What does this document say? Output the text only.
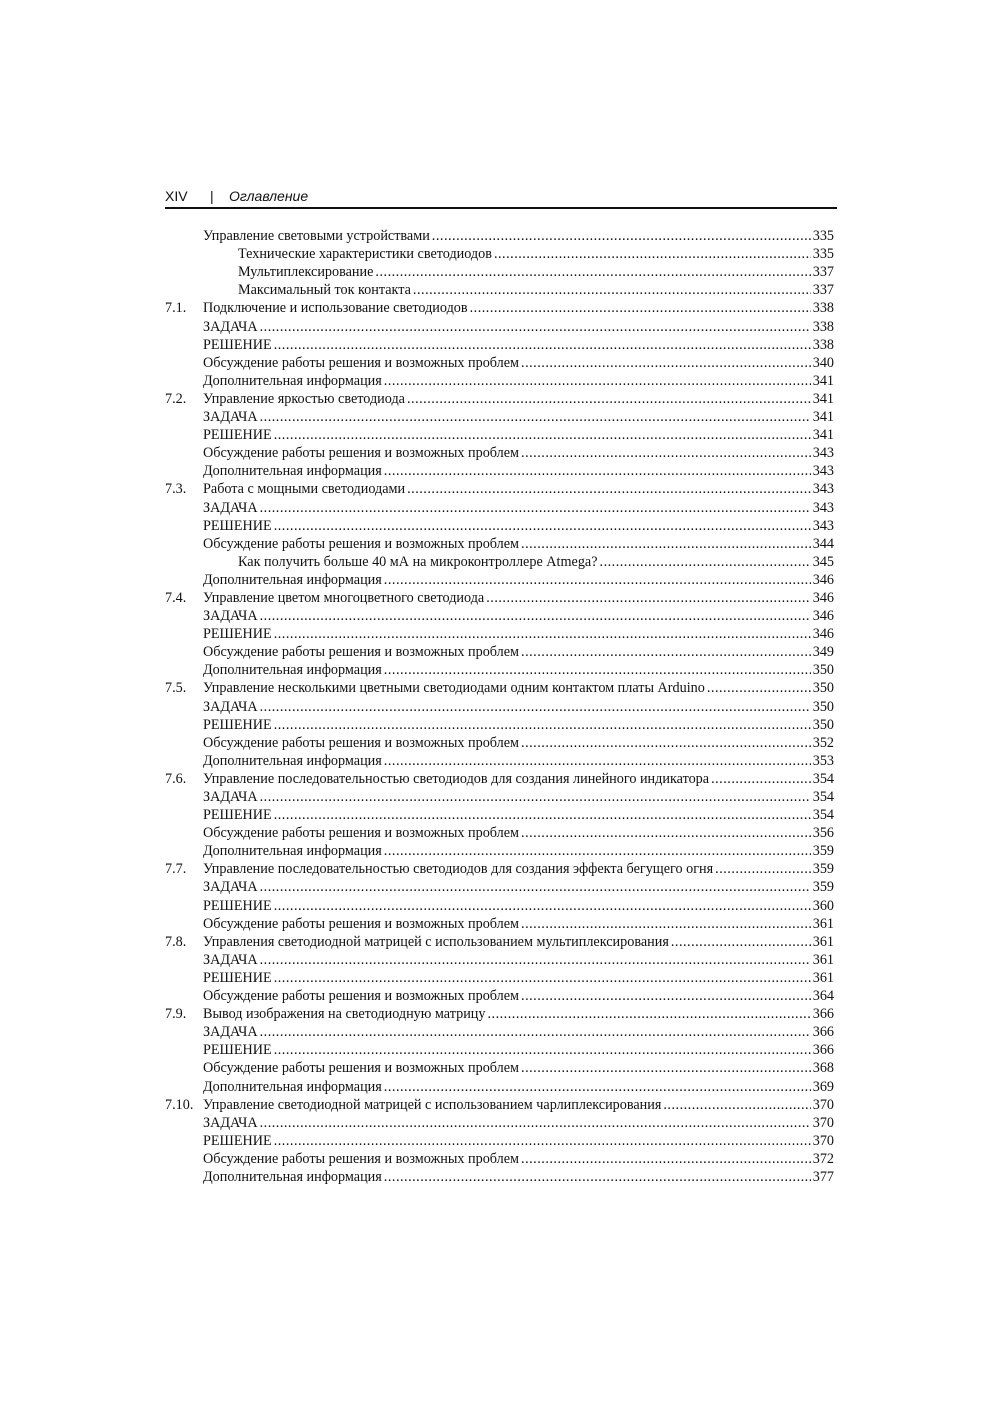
XIV | Оглавление
Управление световыми устройствами .....	335
Технические характеристики светодиодов .....	335
Мультиплексирование .....	337
Максимальный ток контакта .....	337
7.1.	Подключение и использование светодиодов .....	338
ЗАДАЧА .....	338
РЕШЕНИЕ .....	338
Обсуждение работы решения и возможных проблем .....	340
Дополнительная информация .....	341
7.2.	Управление яркостью светодиода .....	341
ЗАДАЧА .....	341
РЕШЕНИЕ .....	341
Обсуждение работы решения и возможных проблем .....	343
Дополнительная информация .....	343
7.3.	Работа с мощными светодиодами .....	343
ЗАДАЧА .....	343
РЕШЕНИЕ .....	343
Обсуждение работы решения и возможных проблем .....	344
Как получить больше 40 мА на микроконтроллере Atmega? .....	345
Дополнительная информация .....	346
7.4.	Управление цветом многоцветного светодиода .....	346
ЗАДАЧА .....	346
РЕШЕНИЕ .....	346
Обсуждение работы решения и возможных проблем .....	349
Дополнительная информация .....	350
7.5.	Управление несколькими цветными светодиодами одним контактом платы Arduino .....	350
ЗАДАЧА .....	350
РЕШЕНИЕ .....	350
Обсуждение работы решения и возможных проблем .....	352
Дополнительная информация .....	353
7.6.	Управление последовательностью светодиодов для создания линейного индикатора .....	354
ЗАДАЧА .....	354
РЕШЕНИЕ .....	354
Обсуждение работы решения и возможных проблем .....	356
Дополнительная информация .....	359
7.7.	Управление последовательностью светодиодов для создания эффекта бегущего огня .....	359
ЗАДАЧА .....	359
РЕШЕНИЕ .....	360
Обсуждение работы решения и возможных проблем .....	361
7.8.	Управления светодиодной матрицей с использованием мультиплексирования .....	361
ЗАДАЧА .....	361
РЕШЕНИЕ .....	361
Обсуждение работы решения и возможных проблем .....	364
7.9.	Вывод изображения на светодиодную матрицу .....	366
ЗАДАЧА .....	366
РЕШЕНИЕ .....	366
Обсуждение работы решения и возможных проблем .....	368
Дополнительная информация .....	369
7.10. Управление светодиодной матрицей с использованием чарлиплексирования .....	370
ЗАДАЧА .....	370
РЕШЕНИЕ .....	370
Обсуждение работы решения и возможных проблем .....	372
Дополнительная информация .....	377
